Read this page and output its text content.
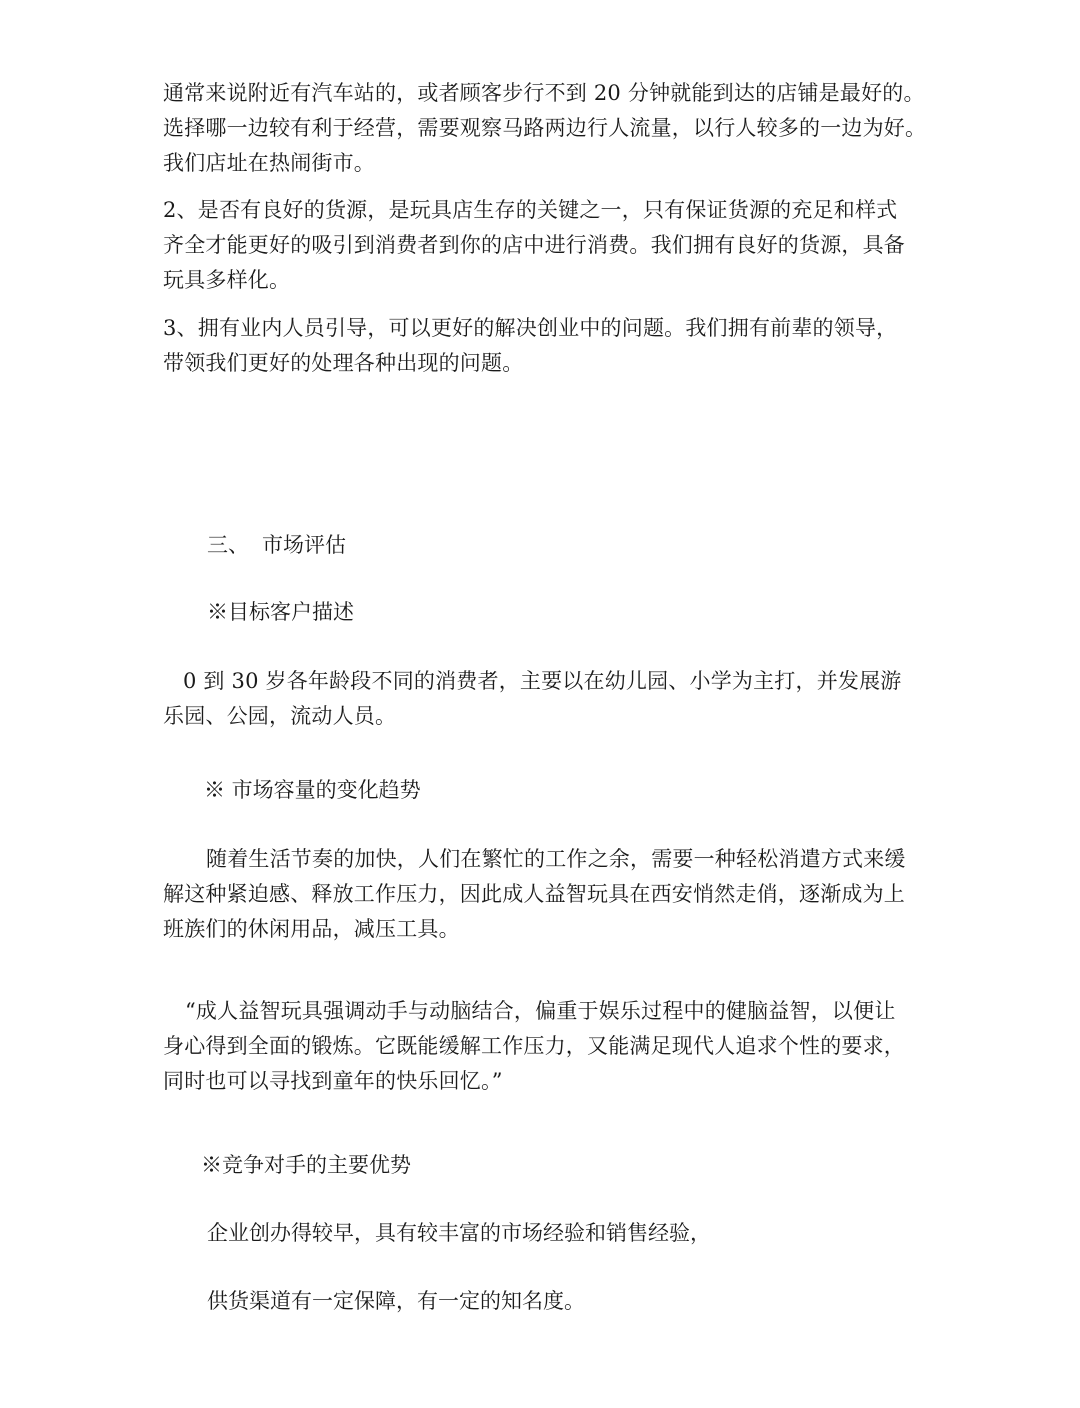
通常来说附近有汽车站的，或者顾客步行不到 20 分钟就能到达的店铺是最好的。
选择哪一边较有利于经营，需要观察马路两边行人流量，以行人较多的一边为好。
我们店址在热闹街市。
2、是否有良好的货源，是玩具店生存的关键之一，只有保证货源的充足和样式
齐全才能更好的吸引到消费者到你的店中进行消费。我们拥有良好的货源，具备
玩具多样化。
3、拥有业内人员引导，可以更好的解决创业中的问题。我们拥有前辈的领导，
带领我们更好的处理各种出现的问题。
三、 市场评估
※目标客户描述
0 到 30 岁各年龄段不同的消费者，主要以在幼儿园、小学为主打，并发展游
乐园、公园，流动人员。
※ 市场容量的变化趋势
随着生活节奏的加快，人们在繁忙的工作之余，需要一种轻松消遣方式来缓
解这种紧迫感、释放工作压力，因此成人益智玩具在西安悄然走俏，逐渐成为上
班族们的休闲用品，减压工具。
“成人益智玩具强调动手与动脑结合，偏重于娱乐过程中的健脑益智，以便让
身心得到全面的锻炼。它既能缓解工作压力，又能满足现代人追求个性的要求，
同时也可以寻找到童年的快乐回忆。”
※竞争对手的主要优势
企业创办得较早，具有较丰富的市场经验和销售经验，
供货渠道有一定保障，有一定的知名度。
